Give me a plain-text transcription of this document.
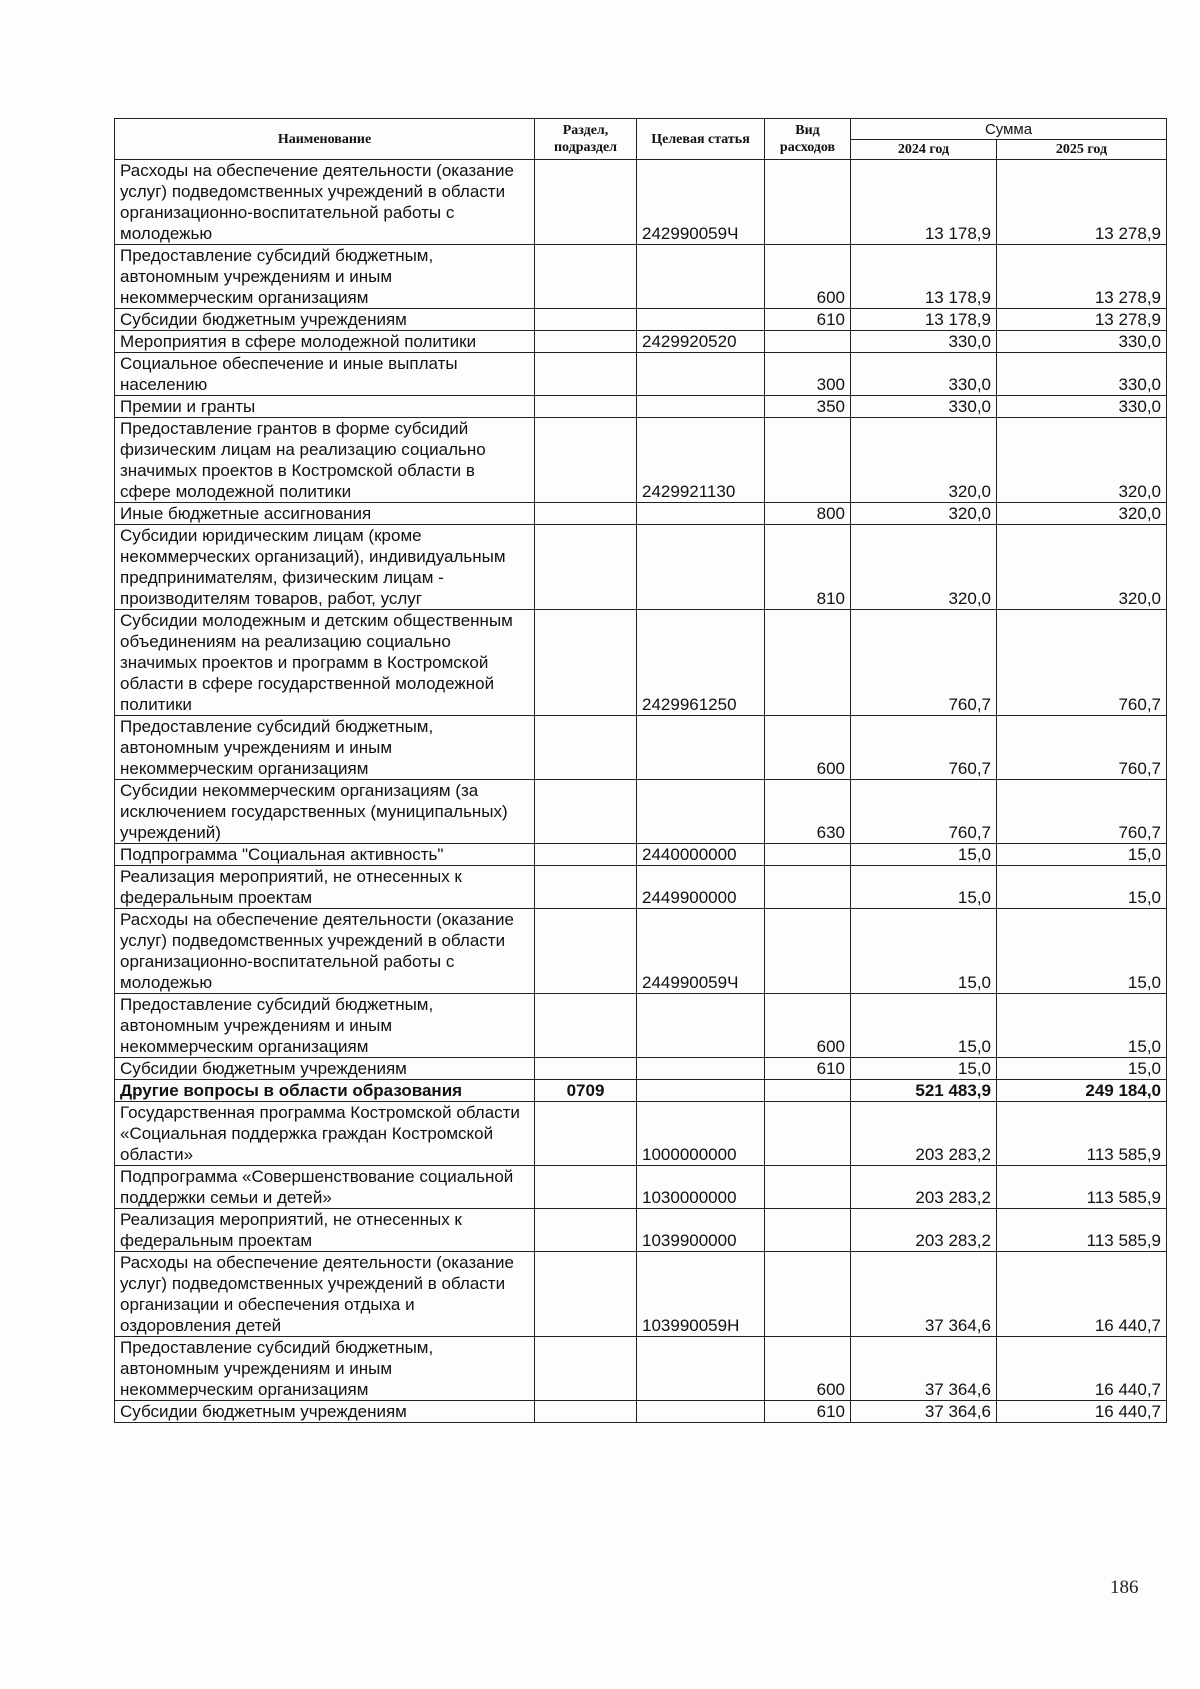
Наименование	Раздел, подраздел	Целевая статья	Вид расходов	Сумма	
				2024 год	2025 год
Расходы на обеспечение деятельности (оказание услуг) подведомственных учреждений в области организационно-воспитательной работы с молодежью		242990059Ч		13 178,9	13 278,9
Предоставление субсидий бюджетным, автономным учреждениям и иным некоммерческим организациям			600	13 178,9	13 278,9
Субсидии бюджетным учреждениям			610	13 178,9	13 278,9
Мероприятия в сфере молодежной политики		2429920520		330,0	330,0
Социальное обеспечение и иные выплаты населению			300	330,0	330,0
Премии и гранты			350	330,0	330,0
Предоставление грантов в форме субсидий физическим лицам на реализацию социально значимых проектов в Костромской области в сфере молодежной политики		2429921130		320,0	320,0
Иные бюджетные ассигнования			800	320,0	320,0
Субсидии юридическим лицам (кроме некоммерческих организаций), индивидуальным предпринимателям, физическим лицам - производителям товаров, работ, услуг			810	320,0	320,0
Субсидии молодежным и детским общественным объединениям на реализацию социально значимых проектов и программ в Костромской области в сфере государственной молодежной политики		2429961250		760,7	760,7
Предоставление субсидий бюджетным, автономным учреждениям и иным некоммерческим организациям			600	760,7	760,7
Субсидии некоммерческим организациям (за исключением государственных (муниципальных) учреждений)			630	760,7	760,7
Подпрограмма "Социальная активность"		2440000000		15,0	15,0
Реализация мероприятий, не отнесенных к федеральным проектам		2449900000		15,0	15,0
Расходы на обеспечение деятельности (оказание услуг) подведомственных учреждений в области организационно-воспитательной работы с молодежью		244990059Ч		15,0	15,0
Предоставление субсидий бюджетным, автономным учреждениям и иным некоммерческим организациям			600	15,0	15,0
Субсидии бюджетным учреждениям			610	15,0	15,0
Другие вопросы в области образования	0709			521 483,9	249 184,0
Государственная программа Костромской области «Социальная поддержка граждан Костромской области»		1000000000		203 283,2	113 585,9
Подпрограмма «Совершенствование социальной поддержки семьи и детей»		1030000000		203 283,2	113 585,9
Реализация мероприятий, не отнесенных к федеральным проектам		1039900000		203 283,2	113 585,9
Расходы на обеспечение деятельности (оказание услуг) подведомственных учреждений в области организации и обеспечения отдыха и оздоровления детей		103990059Н		37 364,6	16 440,7
Предоставление субсидий бюджетным, автономным учреждениям и иным некоммерческим организациям			600	37 364,6	16 440,7
Субсидии бюджетным учреждениям			610	37 364,6	16 440,7
186
